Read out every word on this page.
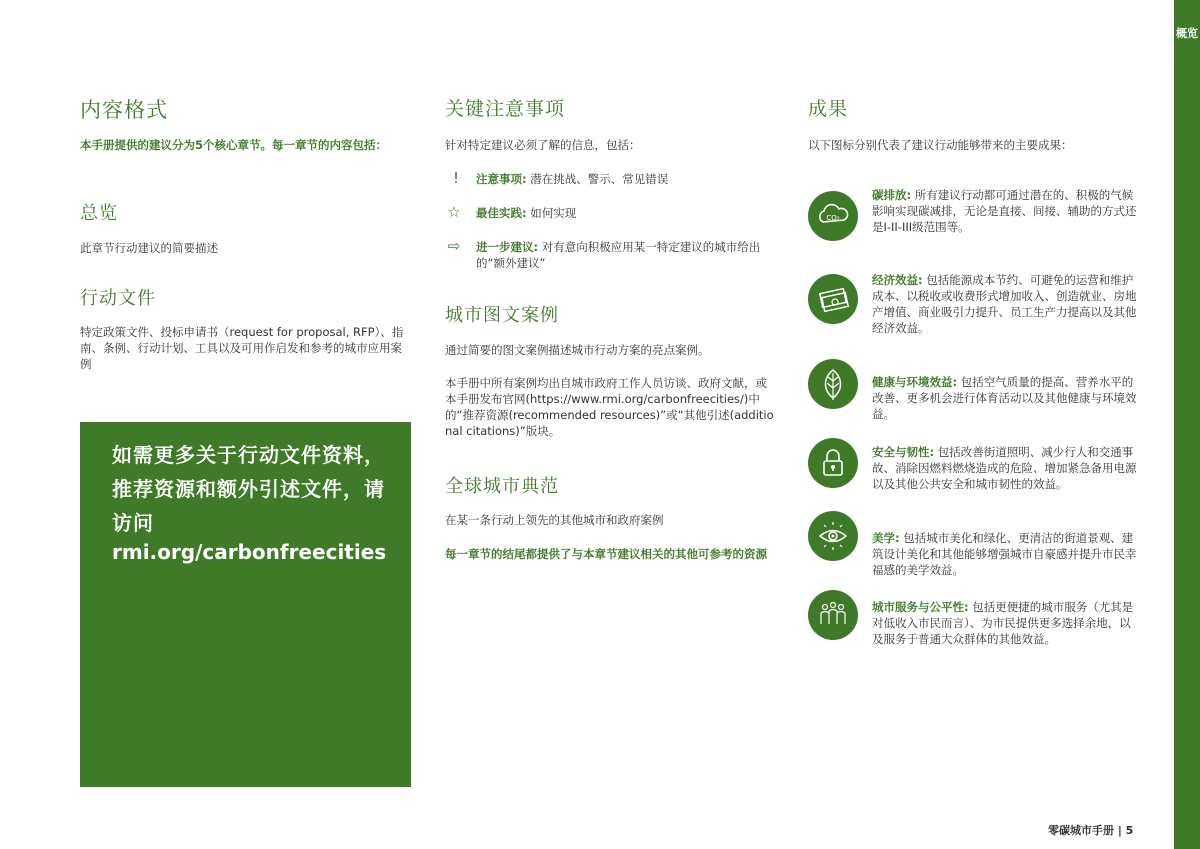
概览
内容格式

本手册提供的建议分为5个核心章节。每一章节的内容包括：

总览

此章节行动建议的简要描述

行动文件

特定政策文件、投标申请书（request for proposal, RFP）、指南、条例、行动计划、工具以及可用作启发和参考的城市应用案例

如需更多关于行动文件资料，推荐资源和额外引述文件，请访问

rmi.org/carbonfreecities
关键注意事项

针对特定建议必须了解的信息，包括：

!	注意事项: 潜在挑战、警示、常见错误
☆ 最佳实践: 如何实现
⇨ 进一步建议: 对有意向积极应用某一特定建议的城市给出的“额外建议”
城市图文案例

通过简要的图文案例描述城市行动方案的亮点案例。

本手册中所有案例均出自城市政府工作人员访谈、政府文献，或本手册发布官网(https://www.rmi.org/carbonfreecities/)中的“推荐资源(recommended resources)”或“其他引述(additional citations)”版块。

全球城市典范

在某一条行动上领先的其他城市和政府案例

每一章节的结尾都提供了与本章节建议相关的其他可参考的资源

成果

以下图标分别代表了建议行动能够带来的主要成果：

CO₂

碳排放: 所有建议行动都可通过潜在的、积极的气候影响实现碳减排，无论是直接、间接、辅助的方式还是I-II-III级范围等。

经济效益: 包括能源成本节约、可避免的运营和维护成本、以税收或收费形式增加收入、创造就业、房地产增值、商业吸引力提升、员工生产力提高以及其他经济效益。

健康与环境效益: 包括空气质量的提高、营养水平的改善、更多机会进行体育活动以及其他健康与环境效益。

安全与韧性: 包括改善街道照明、减少行人和交通事故、消除因燃料燃烧造成的危险、增加紧急备用电源以及其他公共安全和城市韧性的效益。

美学: 包括城市美化和绿化、更清洁的街道景观、建筑设计美化和其他能够增强城市自豪感并提升市民幸福感的美学效益。

城市服务与公平性: 包括更便捷的城市服务（尤其是对低收入市民而言）、为市民提供更多选择余地，以及服务于普通大众群体的其他效益。

零碳城市手册 | 5
